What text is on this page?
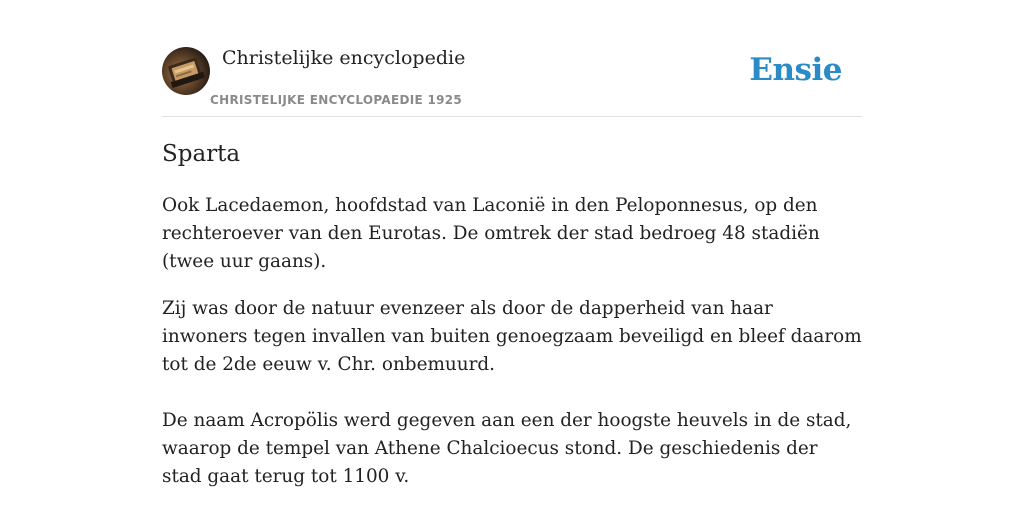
Christelijke encyclopedie
CHRISTELIJKE ENCYCLOPAEDIE 1925
Ensie
Sparta

Ook Lacedaemon, hoofdstad van Laconië in den Peloponnesus, op den rechteroever van den Eurotas. De omtrek der stad bedroeg 48 stadiën (twee uur gaans).

Zij was door de natuur evenzeer als door de dapperheid van haar inwoners tegen invallen van buiten genoegzaam beveiligd en bleef daarom tot de 2de eeuw v. Chr. onbemuurd.

De naam Acropölis werd gegeven aan een der hoogste heuvels in de stad, waarop de tempel van Athene Chalcioecus stond. De geschiedenis der stad gaat terug tot 1100 v.
